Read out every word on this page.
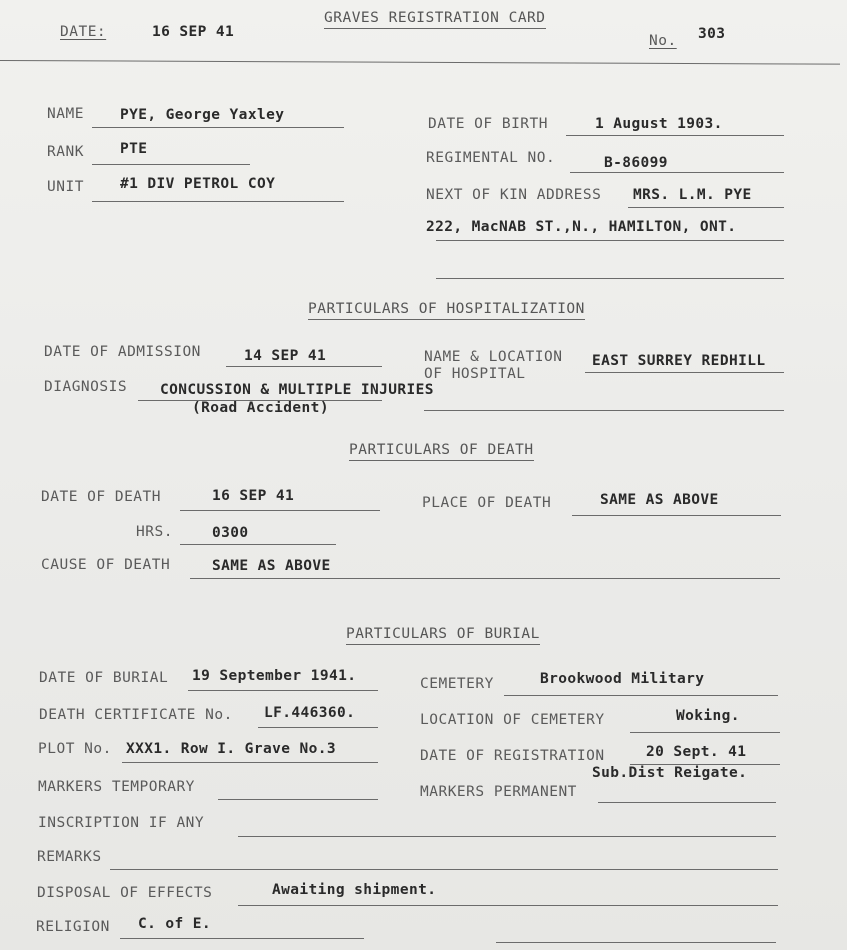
DATE:	16 SEP 41
GRAVES REGISTRATION CARD
No. 303
NAME PYE, George Yaxley
RANK PTE
UNIT #1 DIV PETROL COY
DATE OF BIRTH	1 August 1903.
REGIMENTAL NO.	B-86099
NEXT OF KIN ADDRESS MRS. L.M. PYE
222, MacNAB ST.,N., HAMILTON, ONT.
PARTICULARS OF HOSPITALIZATION
DATE OF ADMISSION	14 SEP 41	NAME & LOCATION
OF HOSPITAL
EAST SURREY REDHILL
DIAGNOSIS CONCUSSION & MULTIPLE INJURIES
(Road Accident)
PARTICULARS OF DEATH
DATE OF DEATH	16 SEP 41	PLACE OF DEATH	SAME AS ABOVE
HRS.	0300
CAUSE OF DEATH	SAME AS ABOVE
PARTICULARS OF BURIAL
DATE OF BURIAL 19 September 1941.	CEMETERY	Brookwood Military
DEATH CERTIFICATE No. LF.446360.	LOCATION OF CEMETERY	Woking.
PLOT No. XXX1. Row I. Grave No.3	DATE OF REGISTRATION	20 Sept. 41
Sub.Dist Reigate.
MARKERS TEMPORARY	MARKERS PERMANENT
INSCRIPTION IF ANY
REMARKS
DISPOSAL OF EFFECTS	Awaiting shipment.
RELIGION C. of E.
